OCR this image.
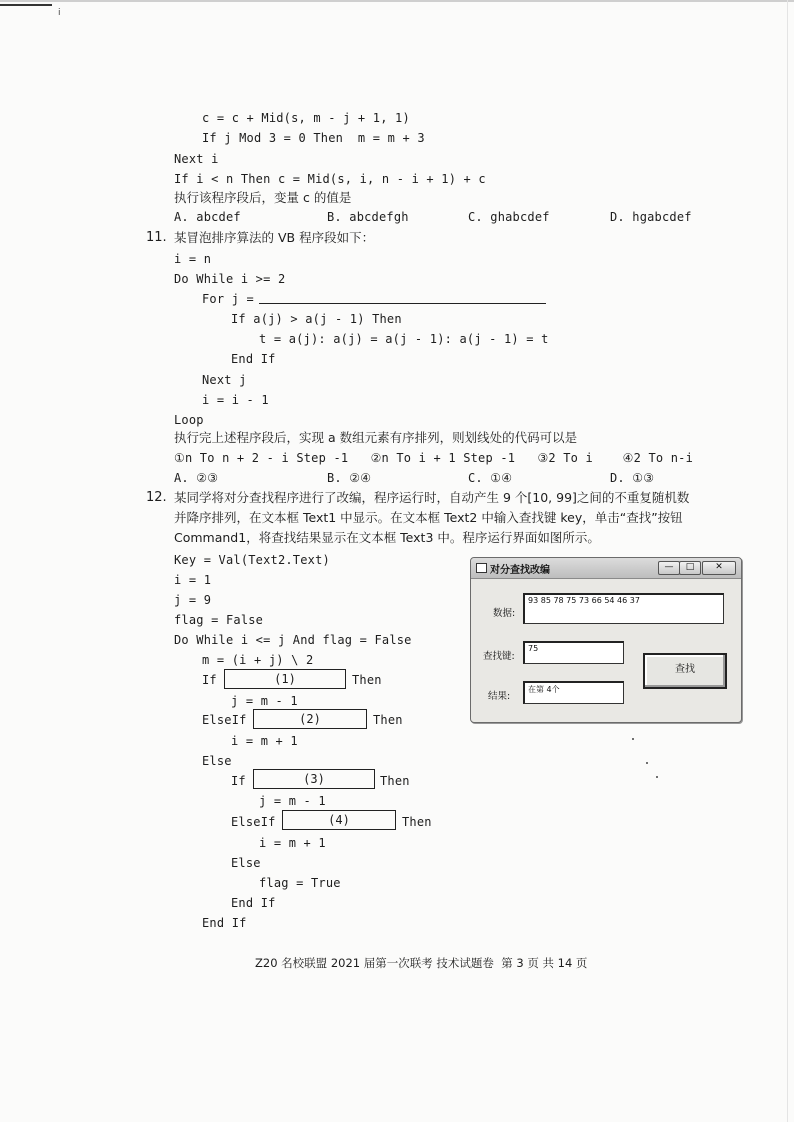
i
c = c + Mid(s, m - j + 1, 1)
If j Mod 3 = 0 Then  m = m + 3
Next i
If i < n Then c = Mid(s, i, n - i + 1) + c
执行该程序段后，变量 c 的值是
A. abcdef	B. abcdefgh	C. ghabcdef	D. hgabcdef
11. 某冒泡排序算法的 VB 程序段如下：
i = n
Do While i >= 2
For j =
If a(j) > a(j - 1) Then
t = a(j): a(j) = a(j - 1): a(j - 1) = t
End If
Next j
i = i - 1
Loop
执行完上述程序段后，实现 a 数组元素有序排列，则划线处的代码可以是
①n To n + 2 - i Step -1   ②n To i + 1 Step -1   ③2 To i    ④2 To n-i
A. ②③	B. ②④	C. ①④	D. ①③
12. 某同学将对分查找程序进行了改编，程序运行时，自动产生 9 个[10, 99]之间的不重复随机数
并降序排列，在文本框 Text1 中显示。在文本框 Text2 中输入查找键 key，单击“查找”按钮
Command1，将查找结果显示在文本框 Text3 中。程序运行界面如图所示。
Key = Val(Text2.Text)
i = 1
j = 9
flag = False
Do While i <= j And flag = False
m = (i + j) \ 2
If	(1)	Then
j = m - 1
ElseIf	(2)	Then
i = m + 1
Else
If	(3)	Then
j = m - 1
ElseIf	(4)	Then
i = m + 1
Else
flag = True
End If
End If
对分查找改编	—	□	✕
数据:
93 85 78 75 73 66 54 46 37
查找键:
75
结果:
在第 4个
查找
Z20 名校联盟 2021 届第一次联考 技术试题卷  第 3 页 共 14 页
